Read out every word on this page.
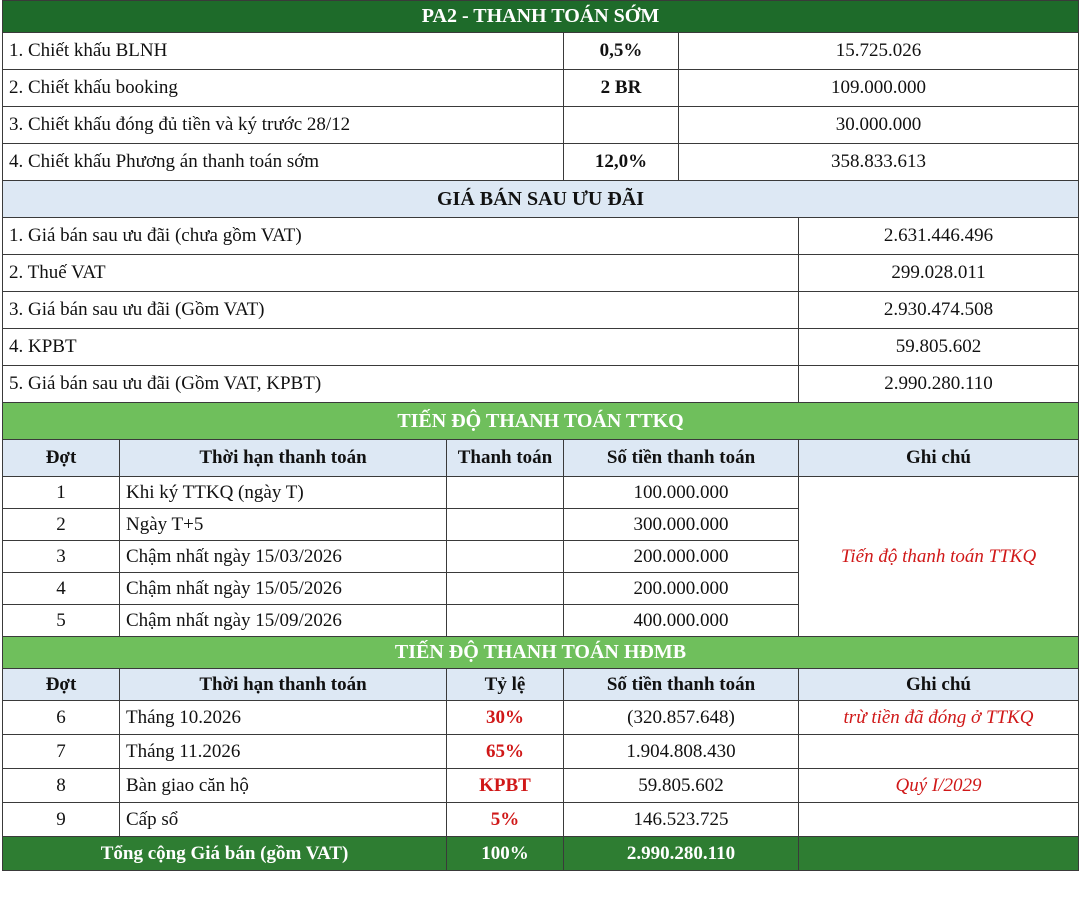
PA2 - THANH TOÁN SỚM					
1. Chiết khấu BLNH			0,5%	15.725.026	
2. Chiết khấu booking			2 BR	109.000.000	
3. Chiết khấu đóng đủ tiền và ký trước 28/12				30.000.000	
4. Chiết khấu Phương án thanh toán sớm			12,0%	358.833.613	
GIÁ BÁN SAU ƯU ĐÃI					
1. Giá bán sau ưu đãi (chưa gồm VAT)					2.631.446.496
2. Thuế VAT					299.028.011
3. Giá bán sau ưu đãi (Gồm VAT)					2.930.474.508
4. KPBT					59.805.602
5. Giá bán sau ưu đãi (Gồm VAT, KPBT)					2.990.280.110
TIẾN ĐỘ THANH TOÁN TTKQ					
Đợt	Thời hạn thanh toán	Thanh toán	Số tiền thanh toán		Ghi chú
1	Khi ký TTKQ (ngày T)		100.000.000		Tiến độ thanh toán TTKQ
2	Ngày T+5		300.000.000		
3	Chậm nhất ngày 15/03/2026		200.000.000		
4	Chậm nhất ngày 15/05/2026		200.000.000		
5	Chậm nhất ngày 15/09/2026		400.000.000		
TIẾN ĐỘ THANH TOÁN HĐMB					
Đợt	Thời hạn thanh toán	Tỷ lệ	Số tiền thanh toán		Ghi chú
6	Tháng 10.2026	30%	(320.857.648)		trừ tiền đã đóng ở TTKQ
7	Tháng 11.2026	65%	1.904.808.430		
8	Bàn giao căn hộ	KPBT	59.805.602		Quý I/2029
9	Cấp sổ	5%	146.523.725		
Tổng cộng Giá bán (gồm VAT)		100%	2.990.280.110		
